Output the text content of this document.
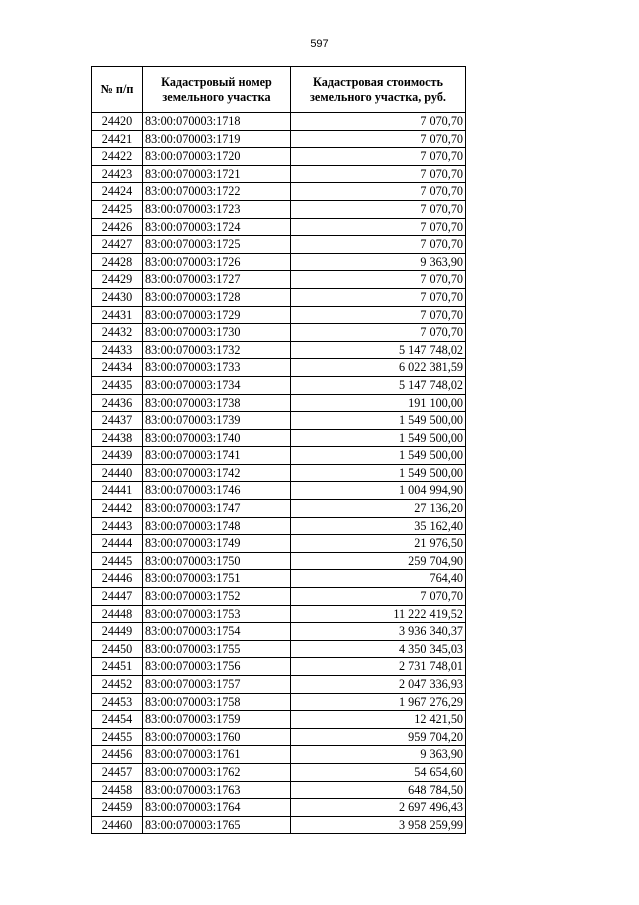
597
№ п/п	Кадастровый номер земельного участка	Кадастровая стоимость земельного участка, руб.
24420	83:00:070003:1718	7 070,70
24421	83:00:070003:1719	7 070,70
24422	83:00:070003:1720	7 070,70
24423	83:00:070003:1721	7 070,70
24424	83:00:070003:1722	7 070,70
24425	83:00:070003:1723	7 070,70
24426	83:00:070003:1724	7 070,70
24427	83:00:070003:1725	7 070,70
24428	83:00:070003:1726	9 363,90
24429	83:00:070003:1727	7 070,70
24430	83:00:070003:1728	7 070,70
24431	83:00:070003:1729	7 070,70
24432	83:00:070003:1730	7 070,70
24433	83:00:070003:1732	5 147 748,02
24434	83:00:070003:1733	6 022 381,59
24435	83:00:070003:1734	5 147 748,02
24436	83:00:070003:1738	191 100,00
24437	83:00:070003:1739	1 549 500,00
24438	83:00:070003:1740	1 549 500,00
24439	83:00:070003:1741	1 549 500,00
24440	83:00:070003:1742	1 549 500,00
24441	83:00:070003:1746	1 004 994,90
24442	83:00:070003:1747	27 136,20
24443	83:00:070003:1748	35 162,40
24444	83:00:070003:1749	21 976,50
24445	83:00:070003:1750	259 704,90
24446	83:00:070003:1751	764,40
24447	83:00:070003:1752	7 070,70
24448	83:00:070003:1753	11 222 419,52
24449	83:00:070003:1754	3 936 340,37
24450	83:00:070003:1755	4 350 345,03
24451	83:00:070003:1756	2 731 748,01
24452	83:00:070003:1757	2 047 336,93
24453	83:00:070003:1758	1 967 276,29
24454	83:00:070003:1759	12 421,50
24455	83:00:070003:1760	959 704,20
24456	83:00:070003:1761	9 363,90
24457	83:00:070003:1762	54 654,60
24458	83:00:070003:1763	648 784,50
24459	83:00:070003:1764	2 697 496,43
24460	83:00:070003:1765	3 958 259,99
